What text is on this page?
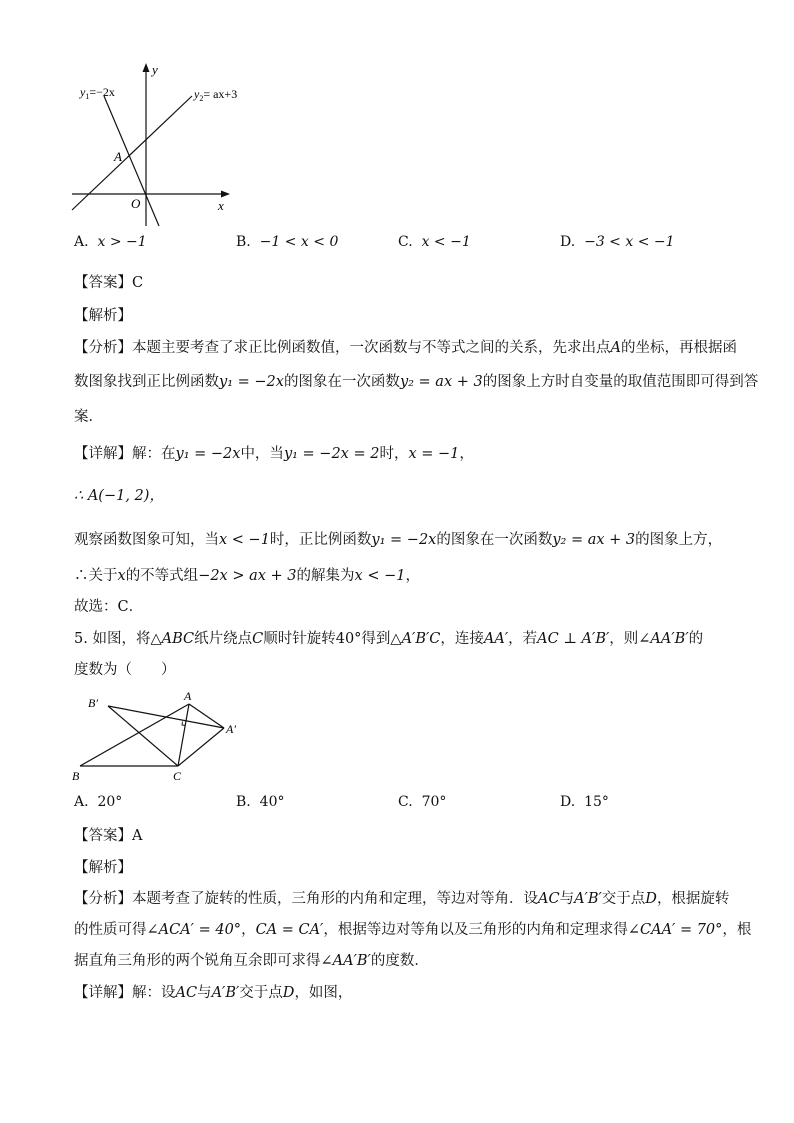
y
x
O
A
$y_1=-2x$	$y_2= ax+3$
A. x > −1	B. −1 < x < 0	C. x < −1	D. −3 < x < −1
【答案】C
【解析】
【分析】本题主要考查了求正比例函数值，一次函数与不等式之间的关系，先求出点A的坐标，再根据函
数图象找到正比例函数y₁ = −2x的图象在一次函数y₂ = ax + 3的图象上方时自变量的取值范围即可得到答
案．
【详解】解：在y₁ = −2x中，当y₁ = −2x = 2时，x = −1，
∴ A(−1, 2)，
观察函数图象可知，当x < −1时，正比例函数y₁ = −2x的图象在一次函数y₂ = ax + 3的图象上方，
∴关于x的不等式组−2x > ax + 3的解集为x < −1，
故选：C．
5. 如图，将△ABC纸片绕点C顺时针旋转40°得到△A′B′C，连接AA′，若AC ⊥ A′B′，则∠AA′B′的
度数为（　　）
B′	A
A′
B	C
A. 20°	B. 40°	C. 70°	D. 15°
【答案】A
【解析】
【分析】本题考查了旋转的性质，三角形的内角和定理，等边对等角．设AC与A′B′交于点D，根据旋转
的性质可得∠ACA′ = 40°，CA = CA′，根据等边对等角以及三角形的内角和定理求得∠CAA′ = 70°，根
据直角三角形的两个锐角互余即可求得∠AA′B′的度数．
【详解】解：设AC与A′B′交于点D，如图，
